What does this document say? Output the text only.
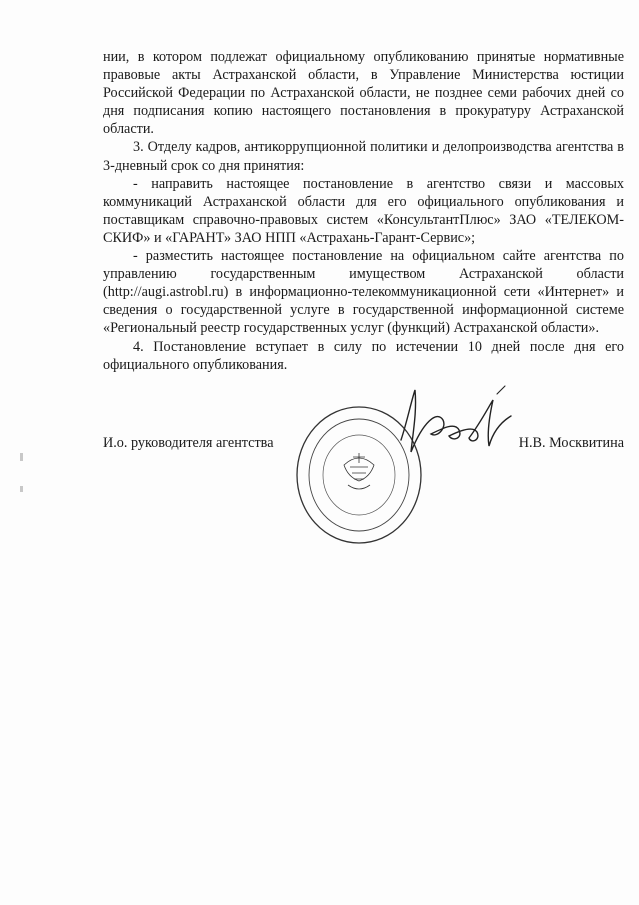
нии, в котором подлежат официальному опубликованию принятые нормативные правовые акты Астраханской области, в Управление Министерства юстиции Российской Федерации по Астраханской области, не позднее семи рабочих дней со дня подписания копию настоящего постановления в прокуратуру Астраханской области.

3. Отделу кадров, антикоррупционной политики и делопроизводства агентства в 3-дневный срок со дня принятия:

- направить настоящее постановление в агентство связи и массовых коммуникаций Астраханской области для его официального опубликования и поставщикам справочно-правовых систем «КонсультантПлюс» ЗАО «ТЕЛЕКОМ-СКИФ» и «ГАРАНТ» ЗАО НПП «Астрахань-Гарант-Сервис»;

- разместить настоящее постановление на официальном сайте агентства по управлению государственным имуществом Астраханской области (http://augi.astrobl.ru) в информационно-телекоммуникационной сети «Интернет» и сведения о государственной услуге в государственной информационной системе «Региональный реестр государственных услуг (функций) Астраханской области».

4. Постановление вступает в силу по истечении 10 дней после дня его официального опубликования.

И.о. руководителя агентства	Н.В. Москвитина
